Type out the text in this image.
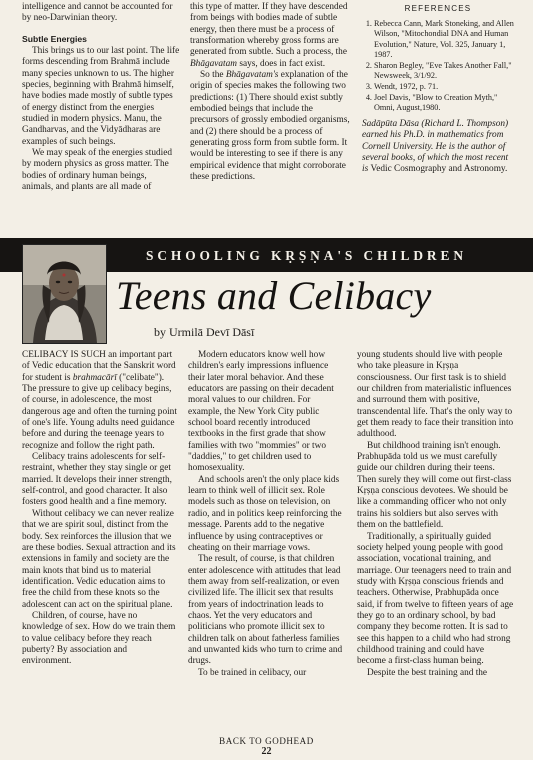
intelligence and cannot be accounted for by neo-Darwinian theory.

Subtle Energies

This brings us to our last point. The life forms descending from Brahmā include many species unknown to us. The higher species, beginning with Brahmā himself, have bodies made mostly of subtle types of energy distinct from the energies studied in modern physics. Manu, the Gandharvas, and the Vidyādharas are examples of such beings.

We may speak of the energies studied by modern physics as gross matter. The bodies of ordinary human beings, animals, and plants are all made of

this type of matter. If they have descended from beings with bodies made of subtle energy, then there must be a process of transformation whereby gross forms are generated from subtle. Such a process, the Bhāgavatam says, does in fact exist.

So the Bhāgavatam's explanation of the origin of species makes the following two predictions: (1) There should exist subtly embodied beings that include the precursors of grossly embodied organisms, and (2) there should be a process of generating gross form from subtle form. It would be interesting to see if there is any empirical evidence that might corroborate these predictions.

REFERENCES
1. Rebecca Cann, Mark Stoneking, and Allen Wilson, "Mitochondial DNA and Human Evolution," Nature, Vol. 325, January 1, 1987.
2. Sharon Begley, "Eve Takes Another Fall," Newsweek, 3/1/92.
3. Wendt, 1972, p. 71.
4. Joel Davis, "Blow to Creation Myth," Omni, August,1980.
Sadāpūta Dāsa (Richard L. Thompson) earned his Ph.D. in mathematics from Cornell University. He is the author of several books, of which the most recent is Vedic Cosmography and Astronomy.
SCHOOLING KṚṢṆA'S CHILDREN
Teens and Celibacy
by Urmilā Devī Dāsī

CELIBACY IS SUCH an important part of Vedic education that the Sanskrit word for student is brahmacārī ("celibate"). The pressure to give up celibacy begins, of course, in adolescence, the most dangerous age and often the turning point of one's life. Young adults need guidance before and during the teenage years to recognize and follow the right path.

Celibacy trains adolescents for self-restraint, whether they stay single or get married. It develops their inner strength, self-control, and good character. It also fosters good health and a fine memory.

Without celibacy we can never realize that we are spirit soul, distinct from the body. Sex reinforces the illusion that we are these bodies. Sexual attraction and its extensions in family and society are the main knots that bind us to material identification. Vedic education aims to free the child from these knots so the adolescent can act on the spiritual plane.

Children, of course, have no knowledge of sex. How do we train them to value celibacy before they reach puberty? By association and environment.

Modern educators know well how children's early impressions influence their later moral behavior. And these educators are passing on their decadent moral values to our children. For example, the New York City public school board recently introduced textbooks in the first grade that show families with two "mommies" or two "daddies," to get children used to homosexuality.

And schools aren't the only place kids learn to think well of illicit sex. Role models such as those on television, on radio, and in politics keep reinforcing the message. Parents add to the negative influence by using contraceptives or cheating on their marriage vows.

The result, of course, is that children enter adolescence with attitudes that lead them away from self-realization, or even civilized life. The illicit sex that results from years of indoctrination leads to chaos. Yet the very educators and politicians who promote illicit sex to children talk on about fatherless families and unwanted kids who turn to crime and drugs.

To be trained in celibacy, our

young students should live with people who take pleasure in Kṛṣṇa consciousness. Our first task is to shield our children from materialistic influences and surround them with positive, transcendental life. That's the only way to get them ready to face their transition into adulthood.

But childhood training isn't enough. Prabhupāda told us we must carefully guide our children during their teens. Then surely they will come out first-class Kṛṣṇa conscious devotees. We should be like a commanding officer who not only trains his soldiers but also serves with them on the battlefield.

Traditionally, a spiritually guided society helped young people with good association, vocational training, and marriage. Our teenagers need to train and study with Kṛṣṇa conscious friends and teachers. Otherwise, Prabhupāda once said, if from twelve to fifteen years of age they go to an ordinary school, by bad company they become rotten. It is sad to see this happen to a child who had strong childhood training and could have become a first-class human being.

Despite the best training and the

BACK TO GODHEAD
22
